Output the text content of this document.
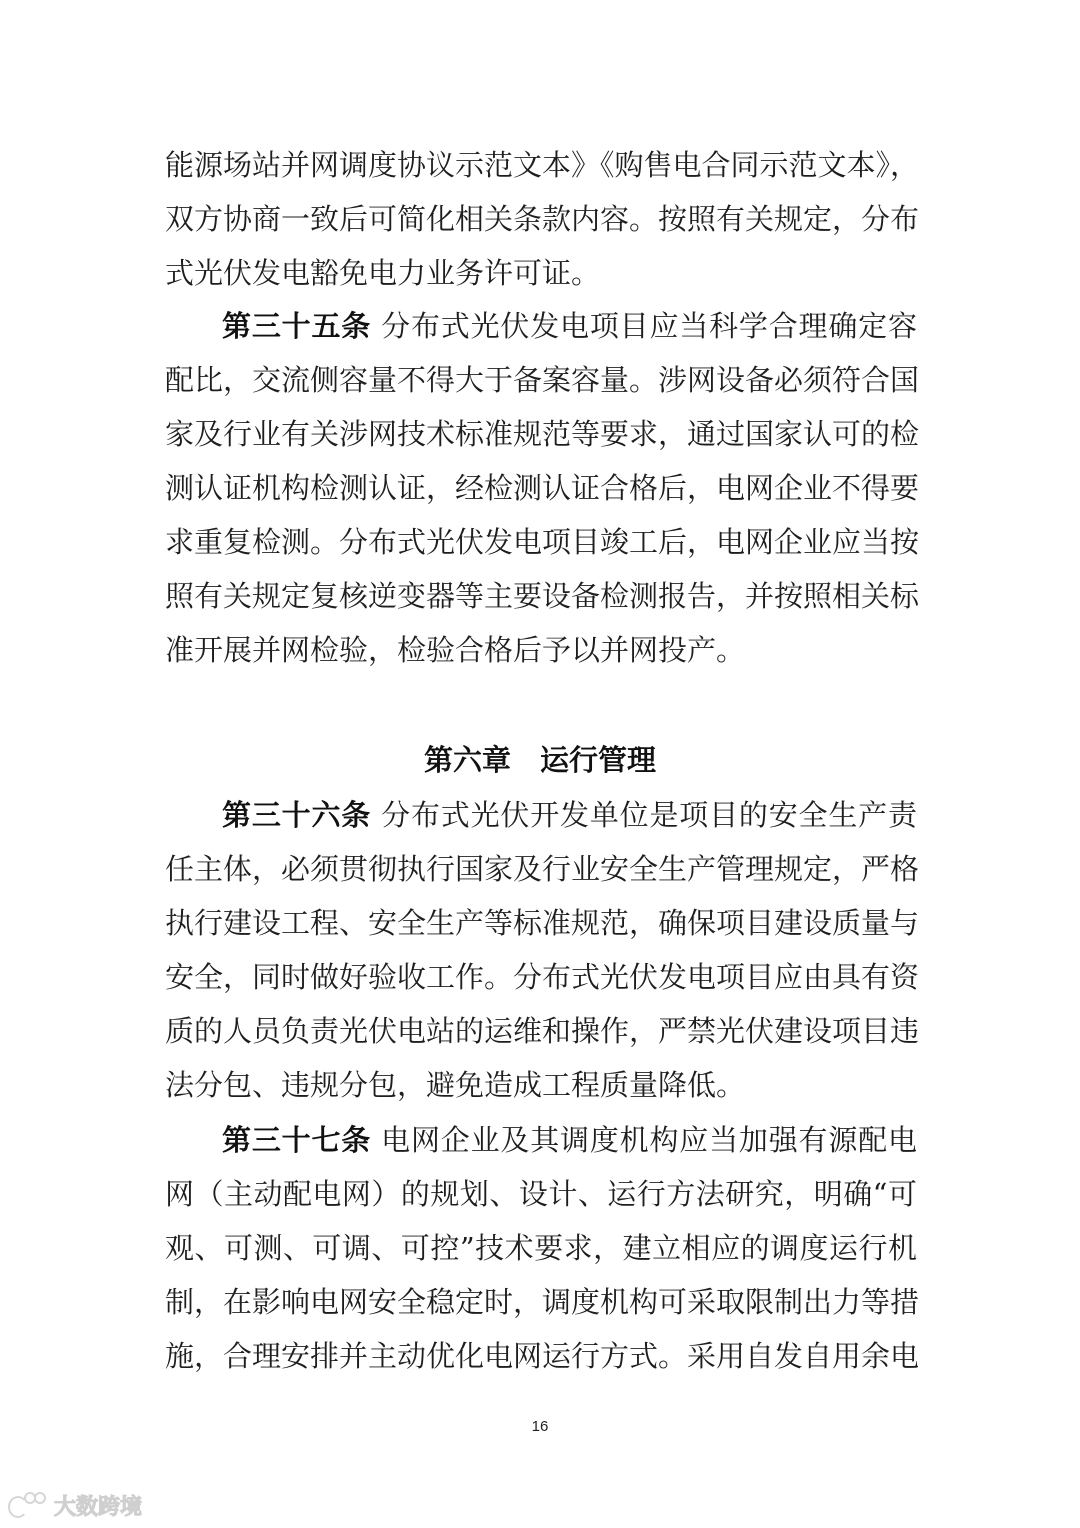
能源场站并网调度协议示范文本》《购售电合同示范文本》，
双方协商一致后可简化相关条款内容。按照有关规定，分布
式光伏发电豁免电力业务许可证。
第三十五条 分布式光伏发电项目应当科学合理确定容
配比，交流侧容量不得大于备案容量。涉网设备必须符合国
家及行业有关涉网技术标准规范等要求，通过国家认可的检
测认证机构检测认证，经检测认证合格后，电网企业不得要
求重复检测。分布式光伏发电项目竣工后，电网企业应当按
照有关规定复核逆变器等主要设备检测报告，并按照相关标
准开展并网检验，检验合格后予以并网投产。
第六章　运行管理
第三十六条 分布式光伏开发单位是项目的安全生产责
任主体，必须贯彻执行国家及行业安全生产管理规定，严格
执行建设工程、安全生产等标准规范，确保项目建设质量与
安全，同时做好验收工作。分布式光伏发电项目应由具有资
质的人员负责光伏电站的运维和操作，严禁光伏建设项目违
法分包、违规分包，避免造成工程质量降低。
第三十七条 电网企业及其调度机构应当加强有源配电
网（主动配电网）的规划、设计、运行方法研究，明确“可
观、可测、可调、可控”技术要求，建立相应的调度运行机
制，在影响电网安全稳定时，调度机构可采取限制出力等措
施，合理安排并主动优化电网运行方式。采用自发自用余电
16
大数跨境
